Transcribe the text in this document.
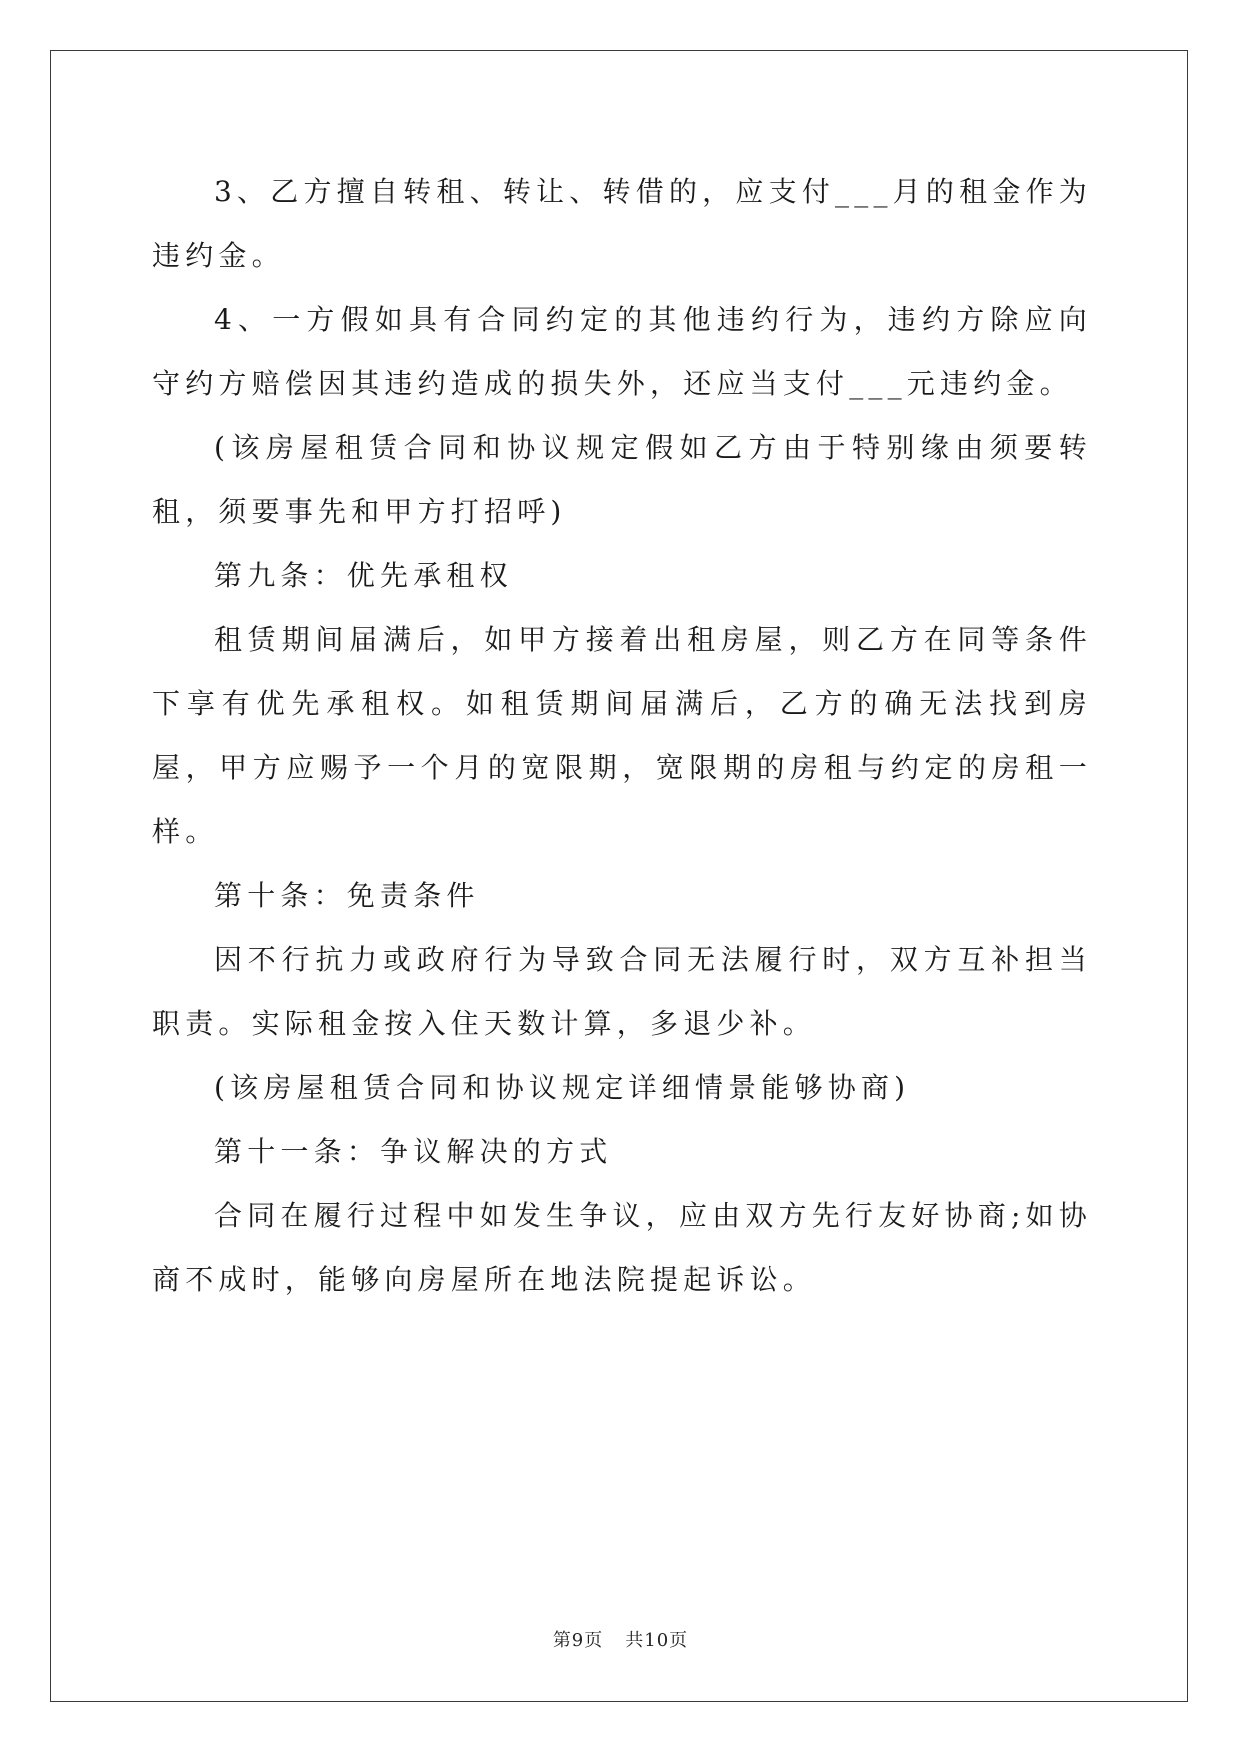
3、乙方擅自转租、转让、转借的，应支付___月的租金作为违约金。

4、一方假如具有合同约定的其他违约行为，违约方除应向守约方赔偿因其违约造成的损失外，还应当支付___元违约金。

(该房屋租赁合同和协议规定假如乙方由于特别缘由须要转租，须要事先和甲方打招呼)

第九条：优先承租权

租赁期间届满后，如甲方接着出租房屋，则乙方在同等条件下享有优先承租权。如租赁期间届满后，乙方的确无法找到房屋，甲方应赐予一个月的宽限期，宽限期的房租与约定的房租一样。

第十条：免责条件

因不行抗力或政府行为导致合同无法履行时，双方互补担当职责。实际租金按入住天数计算，多退少补。

(该房屋租赁合同和协议规定详细情景能够协商)

第十一条：争议解决的方式

合同在履行过程中如发生争议，应由双方先行友好协商;如协商不成时，能够向房屋所在地法院提起诉讼。

第9页 共10页
